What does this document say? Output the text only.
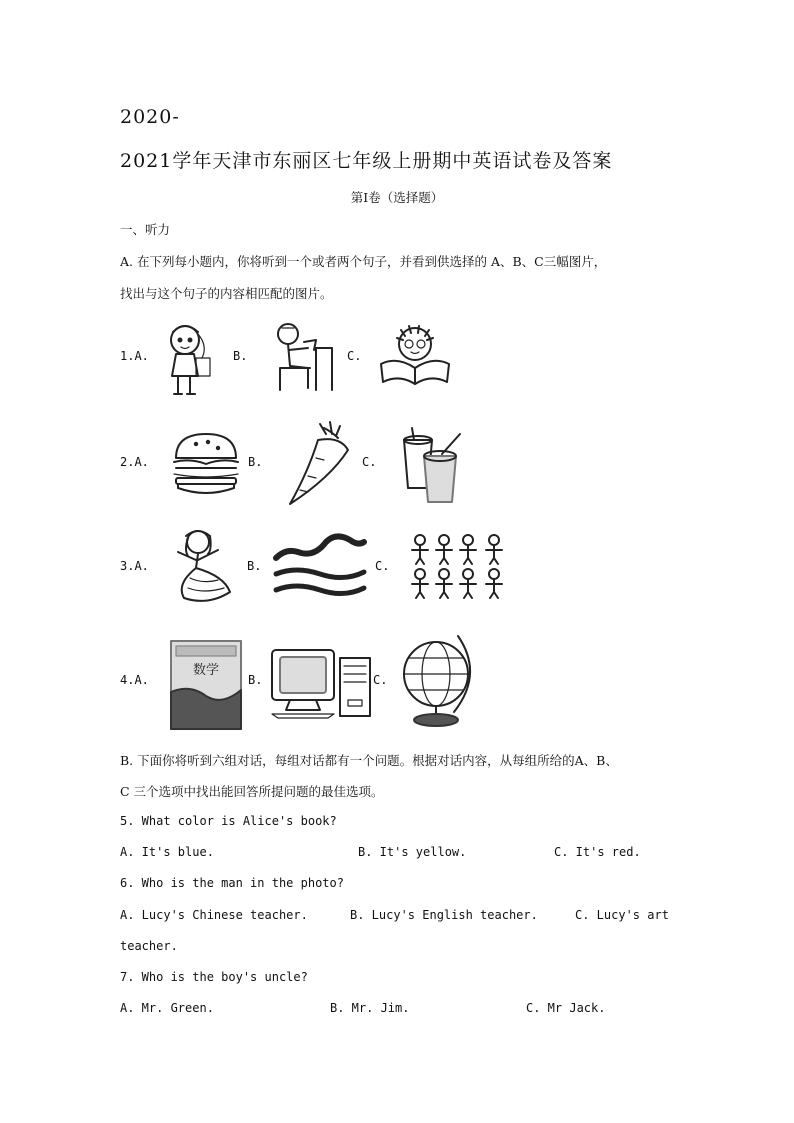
2020-
2021学年天津市东丽区七年级上册期中英语试卷及答案
第Ⅰ卷（选择题）
一、听力
A. 在下列每小题内，你将听到一个或者两个句子，并看到供选择的 A、B、C三幅图片，
找出与这个句子的内容相匹配的图片。
1.A.	B.	C.
2.A.	B.	C.
3.A.	B.	C.
4.A.
数学
B.	C.
B. 下面你将听到六组对话，每组对话都有一个问题。根据对话内容，从每组所给的A、B、
C 三个选项中找出能回答所提问题的最佳选项。
5. What color is Alice's book?
A. It's blue.	B. It's yellow.	C. It's red.
6. Who is the man in the photo?
A. Lucy's Chinese teacher.	B. Lucy's English teacher.	C. Lucy's art
teacher.
7. Who is the boy's uncle?
A. Mr. Green.	B. Mr. Jim.	C. Mr Jack.
